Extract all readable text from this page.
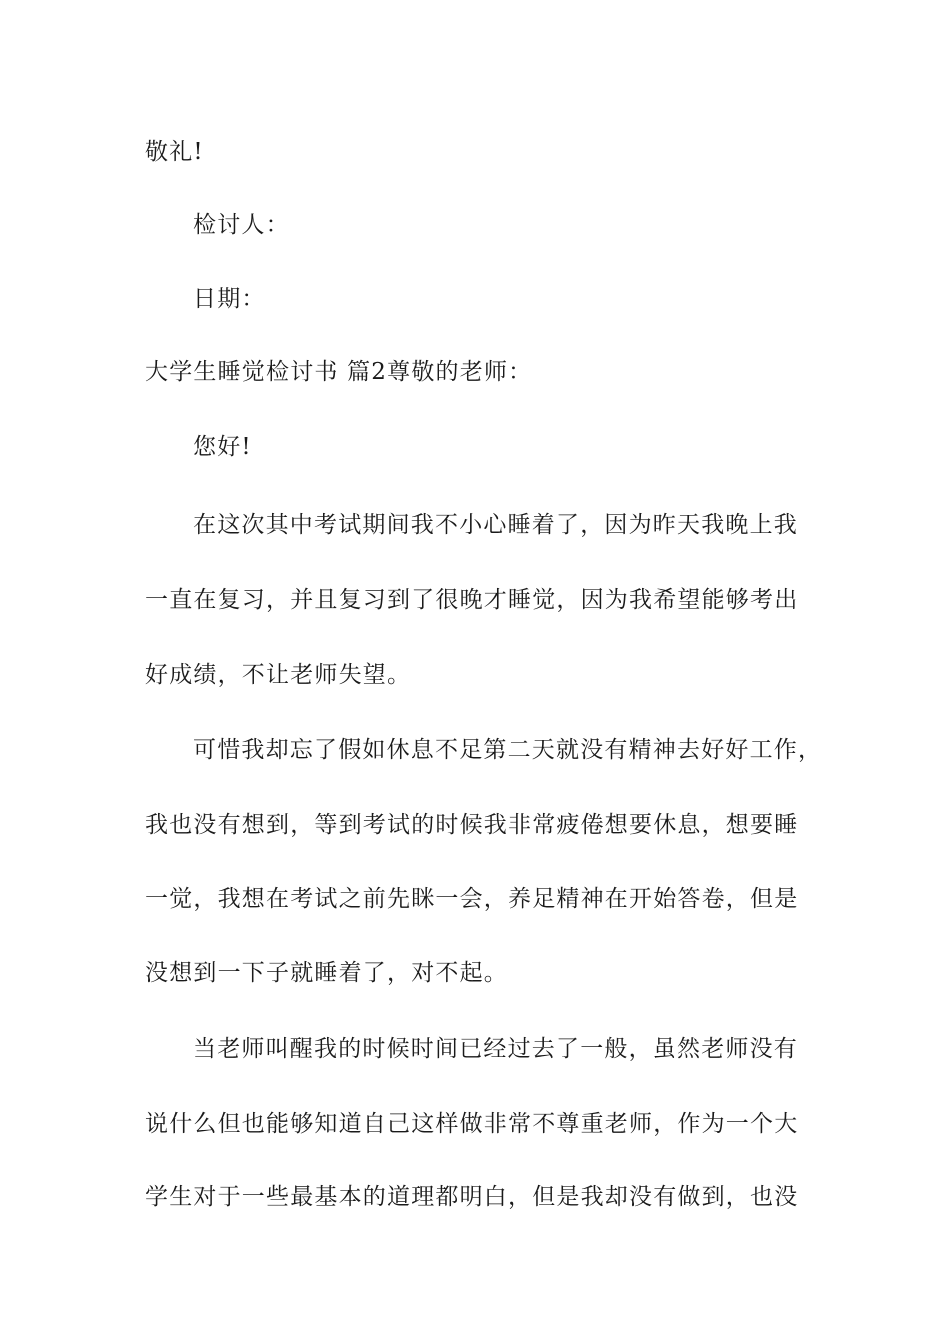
敬礼!
检讨人：
日期：
大学生睡觉检讨书 篇2尊敬的老师：
您好!
在这次其中考试期间我不小心睡着了，因为昨天我晚上我
一直在复习，并且复习到了很晚才睡觉，因为我希望能够考出
好成绩，不让老师失望。
可惜我却忘了假如休息不足第二天就没有精神去好好工作，
我也没有想到，等到考试的时候我非常疲倦想要休息，想要睡
一觉，我想在考试之前先眯一会，养足精神在开始答卷，但是
没想到一下子就睡着了，对不起。
当老师叫醒我的时候时间已经过去了一般，虽然老师没有
说什么但也能够知道自己这样做非常不尊重老师，作为一个大
学生对于一些最基本的道理都明白，但是我却没有做到，也没
